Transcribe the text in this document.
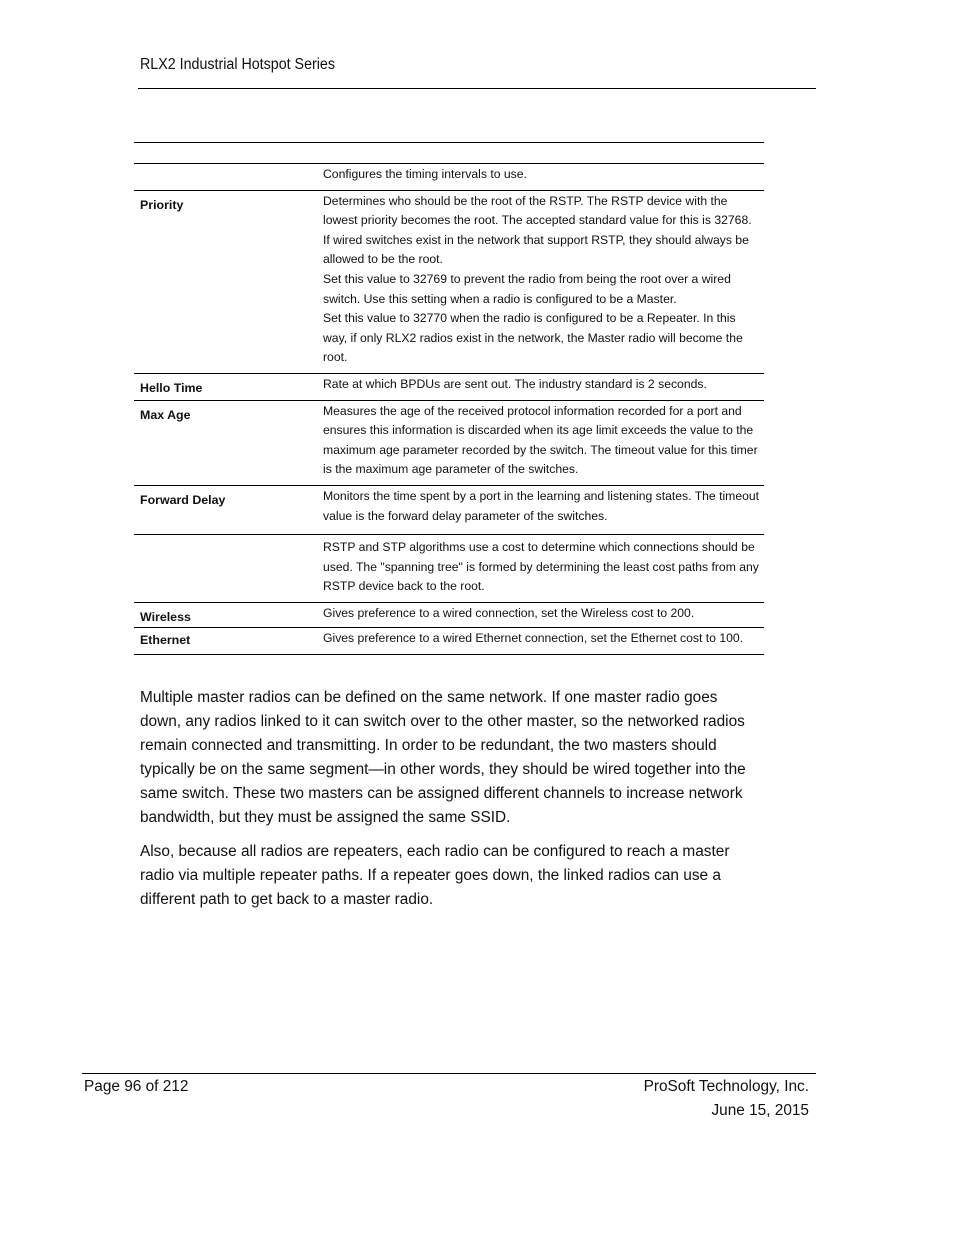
RLX2 Industrial Hotspot Series

	Configures the timing intervals to use.
Priority	Determines who should be the root of the RSTP. The RSTP device with the lowest priority becomes the root. The accepted standard value for this is 32768. If wired switches exist in the network that support RSTP, they should always be allowed to be the root.

Set this value to 32769 to prevent the radio from being the root over a wired switch. Use this setting when a radio is configured to be a Master.

Set this value to 32770 when the radio is configured to be a Repeater. In this way, if only RLX2 radios exist in the network, the Master radio will become the root.

Hello Time	Rate at which BPDUs are sent out. The industry standard is 2 seconds.
Max Age	Measures the age of the received protocol information recorded for a port and ensures this information is discarded when its age limit exceeds the value to the maximum age parameter recorded by the switch. The timeout value for this timer is the maximum age parameter of the switches.
Forward Delay	Monitors the time spent by a port in the learning and listening states. The timeout value is the forward delay parameter of the switches.
	RSTP and STP algorithms use a cost to determine which connections should be used. The "spanning tree" is formed by determining the least cost paths from any RSTP device back to the root.
Wireless	Gives preference to a wired connection, set the Wireless cost to 200.
Ethernet	Gives preference to a wired Ethernet connection, set the Ethernet cost to 100.

Multiple master radios can be defined on the same network. If one master radio goes down, any radios linked to it can switch over to the other master, so the networked radios remain connected and transmitting. In order to be redundant, the two masters should typically be on the same segment—in other words, they should be wired together into the same switch. These two masters can be assigned different channels to increase network bandwidth, but they must be assigned the same SSID.

Also, because all radios are repeaters, each radio can be configured to reach a master radio via multiple repeater paths. If a repeater goes down, the linked radios can use a different path to get back to a master radio.

Page 96 of 212	ProSoft Technology, Inc.
June 15, 2015
